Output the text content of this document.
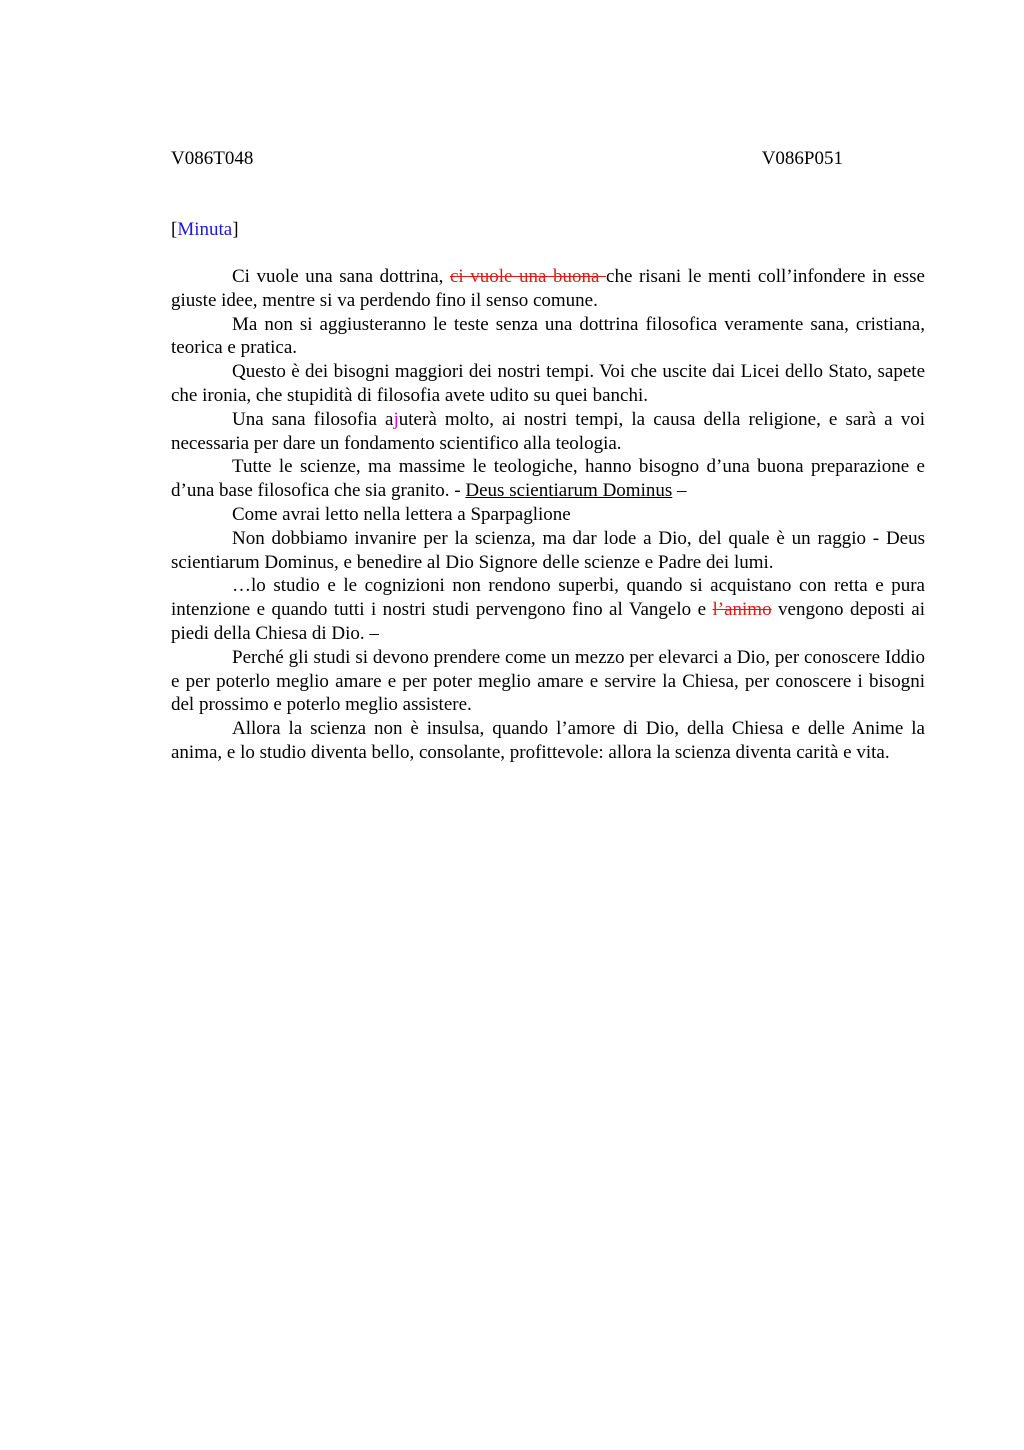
V086T048	V086P051
[Minuta]

Ci vuole una sana dottrina, ci vuole una buona che risani le menti coll’infondere in esse giuste idee, mentre si va perdendo fino il senso comune.

Ma non si aggiusteranno le teste senza una dottrina filosofica veramente sana, cristiana, teorica e pratica.

Questo è dei bisogni maggiori dei nostri tempi. Voi che uscite dai Licei dello Stato, sapete che ironia, che stupidità di filosofia avete udito su quei banchi.

Una sana filosofia ajuterà molto, ai nostri tempi, la causa della religione, e sarà a voi necessaria per dare un fondamento scientifico alla teologia.

Tutte le scienze, ma massime le teologiche, hanno bisogno d’una buona preparazione e d’una base filosofica che sia granito. - Deus scientiarum Dominus –

Come avrai letto nella lettera a Sparpaglione

Non dobbiamo invanire per la scienza, ma dar lode a Dio, del quale è un raggio - Deus scientiarum Dominus, e benedire al Dio Signore delle scienze e Padre dei lumi.

…lo studio e le cognizioni non rendono superbi, quando si acquistano con retta e pura intenzione e quando tutti i nostri studi pervengono fino al Vangelo e l’animo vengono deposti ai piedi della Chiesa di Dio. –

Perché gli studi si devono prendere come un mezzo per elevarci a Dio, per conoscere Iddio e per poterlo meglio amare e per poter meglio amare e servire la Chiesa, per conoscere i bisogni del prossimo e poterlo meglio assistere.

Allora la scienza non è insulsa, quando l’amore di Dio, della Chiesa e delle Anime la anima, e lo studio diventa bello, consolante, profittevole: allora la scienza diventa carità e vita.
